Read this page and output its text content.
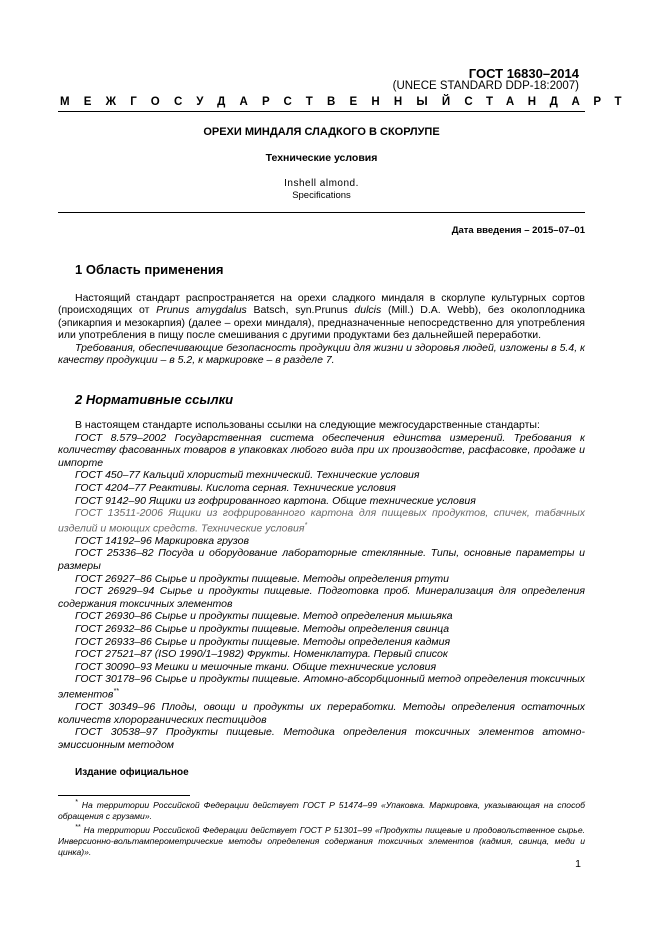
ГОСТ 16830–2014
(UNECE STANDARD DDP-18:2007)
МЕЖГОСУДАРСТВЕННЫЙ СТАНДАРТ
ОРЕХИ МИНДАЛЯ СЛАДКОГО В СКОРЛУПЕ
Технические условия
Inshell almond.
Specifications
Дата введения – 2015–07–01
1 Область применения

Настоящий стандарт распространяется на орехи сладкого миндаля в скорлупе культурных сортов (происходящих от Prunus amygdalus Batsch, syn.Prunus dulcis (Mill.) D.A. Webb), без околоплодника (эпикарпия и мезокарпия) (далее – орехи миндаля), предназначенные непосредственно для употребления или употребления в пищу после смешивания с другими продуктами без дальнейшей переработки.

Требования, обеспечивающие безопасность продукции для жизни и здоровья людей, изложены в 5.4, к качеству продукции – в 5.2, к маркировке – в разделе 7.

2 Нормативные ссылки
В настоящем стандарте использованы ссылки на следующие межгосударственные стандарты:
ГОСТ 8.579–2002 Государственная система обеспечения единства измерений. Требования к количеству фасованных товаров в упаковках любого вида при их производстве, расфасовке, продаже и импорте
ГОСТ 450–77 Кальций хлористый технический. Технические условия
ГОСТ 4204–77 Реактивы. Кислота серная. Технические условия
ГОСТ 9142–90 Ящики из гофрированного картона. Общие технические условия
ГОСТ 13511-2006 Ящики из гофрированного картона для пищевых продуктов, спичек, табачных изделий и моющих средств. Технические условия*
ГОСТ 14192–96 Маркировка грузов
ГОСТ 25336–82 Посуда и оборудование лабораторные стеклянные. Типы, основные параметры и размеры
ГОСТ 26927–86 Сырье и продукты пищевые. Методы определения ртути
ГОСТ 26929–94 Сырье и продукты пищевые. Подготовка проб. Минерализация для определения содержания токсичных элементов
ГОСТ 26930–86 Сырье и продукты пищевые. Метод определения мышьяка
ГОСТ 26932–86 Сырье и продукты пищевые. Методы определения свинца
ГОСТ 26933–86 Сырье и продукты пищевые. Методы определения кадмия
ГОСТ 27521–87 (ISO 1990/1–1982) Фрукты. Номенклатура. Первый список
ГОСТ 30090–93 Мешки и мешочные ткани. Общие технические условия
ГОСТ 30178–96 Сырье и продукты пищевые. Атомно-абсорбционный метод определения токсичных элементов**
ГОСТ 30349–96 Плоды, овощи и продукты их переработки. Методы определения остаточных количеств хлорорганических пестицидов
ГОСТ 30538–97 Продукты пищевые. Методика определения токсичных элементов атомно-эмиссионным методом
Издание официальное
* На территории Российской Федерации действует ГОСТ Р 51474–99 «Упаковка. Маркировка, указывающая на способ обращения с грузами».
** На территории Российской Федерации действует ГОСТ Р 51301–99 «Продукты пищевые и продовольственное сырье. Инверсионно-вольтамперометрические методы определения содержания токсичных элементов (кадмия, свинца, меди и цинка)».
1
